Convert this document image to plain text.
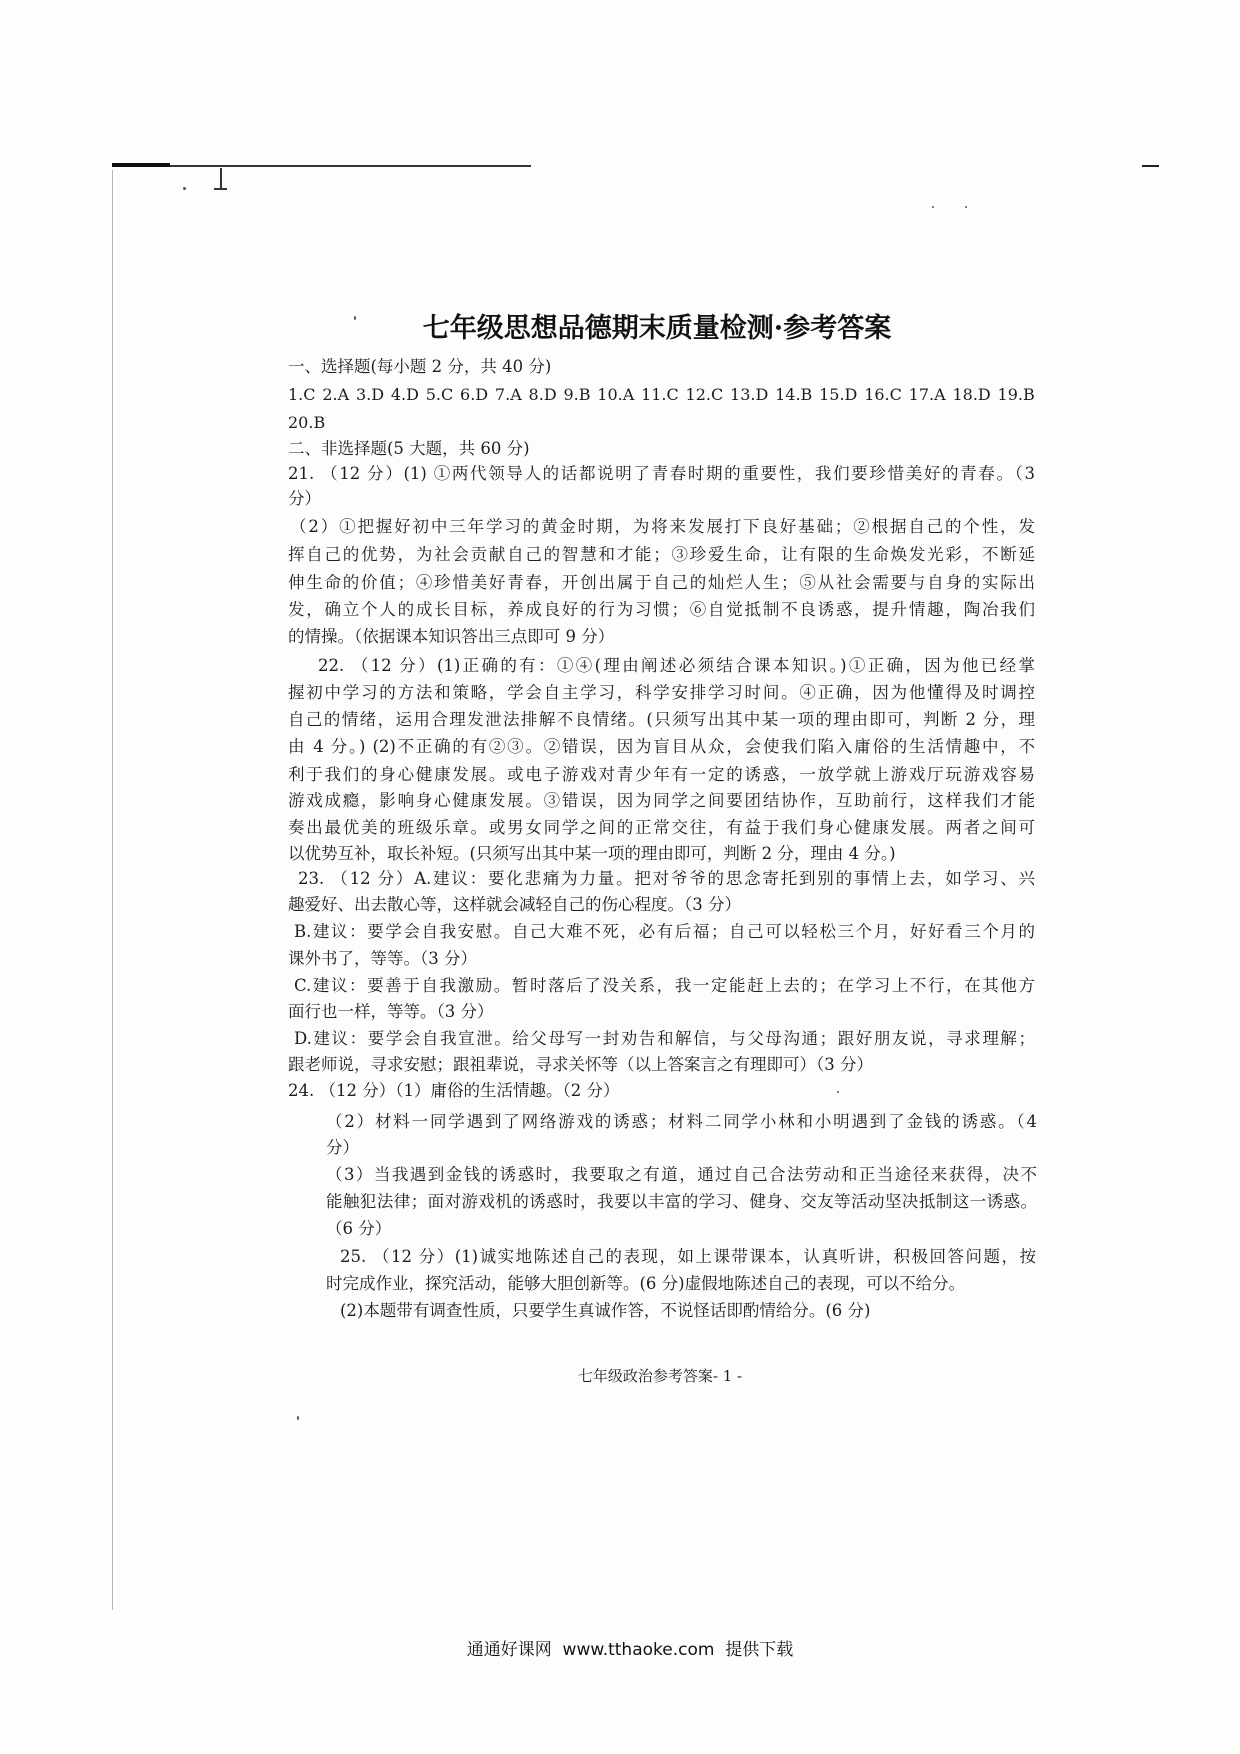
七年级思想品德期末质量检测·参考答案
一、选择题(每小题 2 分，共 40 分)
1.C 2.A 3.D 4.D 5.C 6.D 7.A 8.D 9.B 10.A 11.C 12.C 13.D 14.B 15.D 16.C 17.A 18.D 19.B
20.B
二、非选择题(5 大题，共 60 分)
21. （12 分）(1) ①两代领导人的话都说明了青春时期的重要性，我们要珍惜美好的青春。（3
分）
（2）①把握好初中三年学习的黄金时期，为将来发展打下良好基础；②根据自己的个性，发
挥自己的优势，为社会贡献自己的智慧和才能；③珍爱生命，让有限的生命焕发光彩，不断延
伸生命的价值；④珍惜美好青春，开创出属于自己的灿烂人生；⑤从社会需要与自身的实际出
发，确立个人的成长目标，养成良好的行为习惯；⑥自觉抵制不良诱惑，提升情趣，陶冶我们
的情操。（依据课本知识答出三点即可 9 分）
22. （12 分）(1)正确的有：①④(理由阐述必须结合课本知识。)①正确，因为他已经掌
握初中学习的方法和策略，学会自主学习，科学安排学习时间。④正确，因为他懂得及时调控
自己的情绪，运用合理发泄法排解不良情绪。(只须写出其中某一项的理由即可，判断 2 分，理
由 4 分。) (2)不正确的有②③。②错误，因为盲目从众，会使我们陷入庸俗的生活情趣中，不
利于我们的身心健康发展。或电子游戏对青少年有一定的诱惑，一放学就上游戏厅玩游戏容易
游戏成瘾，影响身心健康发展。③错误，因为同学之间要团结协作，互助前行，这样我们才能
奏出最优美的班级乐章。或男女同学之间的正常交往，有益于我们身心健康发展。两者之间可
以优势互补，取长补短。(只须写出其中某一项的理由即可，判断 2 分，理由 4 分。)
23. （12 分）A.建议：要化悲痛为力量。把对爷爷的思念寄托到别的事情上去，如学习、兴
趣爱好、出去散心等，这样就会减轻自己的伤心程度。（3 分）
B.建议：要学会自我安慰。自己大难不死，必有后福；自己可以轻松三个月，好好看三个月的
课外书了，等等。（3 分）
C.建议：要善于自我激励。暂时落后了没关系，我一定能赶上去的；在学习上不行，在其他方
面行也一样，等等。（3 分）
D.建议：要学会自我宣泄。给父母写一封劝告和解信，与父母沟通；跟好朋友说，寻求理解；
跟老师说，寻求安慰；跟祖辈说，寻求关怀等（以上答案言之有理即可）（3 分）
24. （12 分）（1）庸俗的生活情趣。（2 分）
（2）材料一同学遇到了网络游戏的诱惑；材料二同学小林和小明遇到了金钱的诱惑。（4
分）
（3）当我遇到金钱的诱惑时，我要取之有道，通过自己合法劳动和正当途径来获得，决不
能触犯法律；面对游戏机的诱惑时，我要以丰富的学习、健身、交友等活动坚决抵制这一诱惑。
（6 分）
25. （12 分）(1)诚实地陈述自己的表现，如上课带课本，认真听讲，积极回答问题，按
时完成作业，探究活动，能够大胆创新等。(6 分)虚假地陈述自己的表现，可以不给分。
(2)本题带有调查性质，只要学生真诚作答，不说怪话即酌情给分。(6 分)
七年级政治参考答案- 1 -
通通好课网  www.tthaoke.com  提供下载
